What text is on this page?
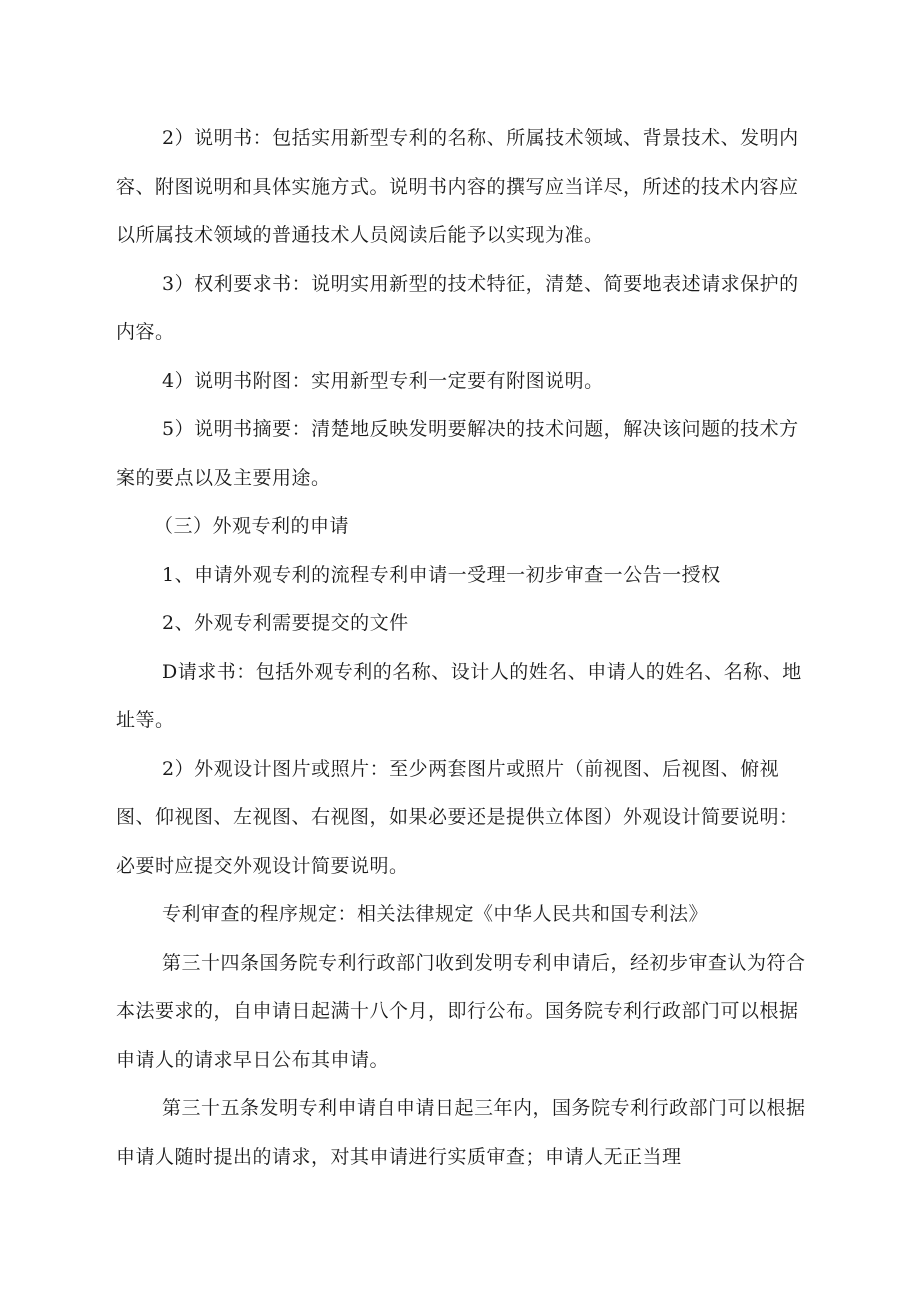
2）说明书：包括实用新型专利的名称、所属技术领域、背景技术、发明内容、附图说明和具体实施方式。说明书内容的撰写应当详尽，所述的技术内容应以所属技术领域的普通技术人员阅读后能予以实现为准。

3）权利要求书：说明实用新型的技术特征，清楚、简要地表述请求保护的内容。

4）说明书附图：实用新型专利一定要有附图说明。

5）说明书摘要：清楚地反映发明要解决的技术问题，解决该问题的技术方案的要点以及主要用途。

（三）外观专利的申请

1、申请外观专利的流程专利申请一受理一初步审查一公告一授权

2、外观专利需要提交的文件

D请求书：包括外观专利的名称、设计人的姓名、申请人的姓名、名称、地址等。

2）外观设计图片或照片：至少两套图片或照片（前视图、后视图、俯视图、仰视图、左视图、右视图，如果必要还是提供立体图）外观设计简要说明：必要时应提交外观设计简要说明。

专利审查的程序规定：相关法律规定《中华人民共和国专利法》

第三十四条国务院专利行政部门收到发明专利申请后，经初步审查认为符合本法要求的，自申请日起满十八个月，即行公布。国务院专利行政部门可以根据申请人的请求早日公布其申请。

第三十五条发明专利申请自申请日起三年内，国务院专利行政部门可以根据申请人随时提出的请求，对其申请进行实质审查；申请人无正当理
